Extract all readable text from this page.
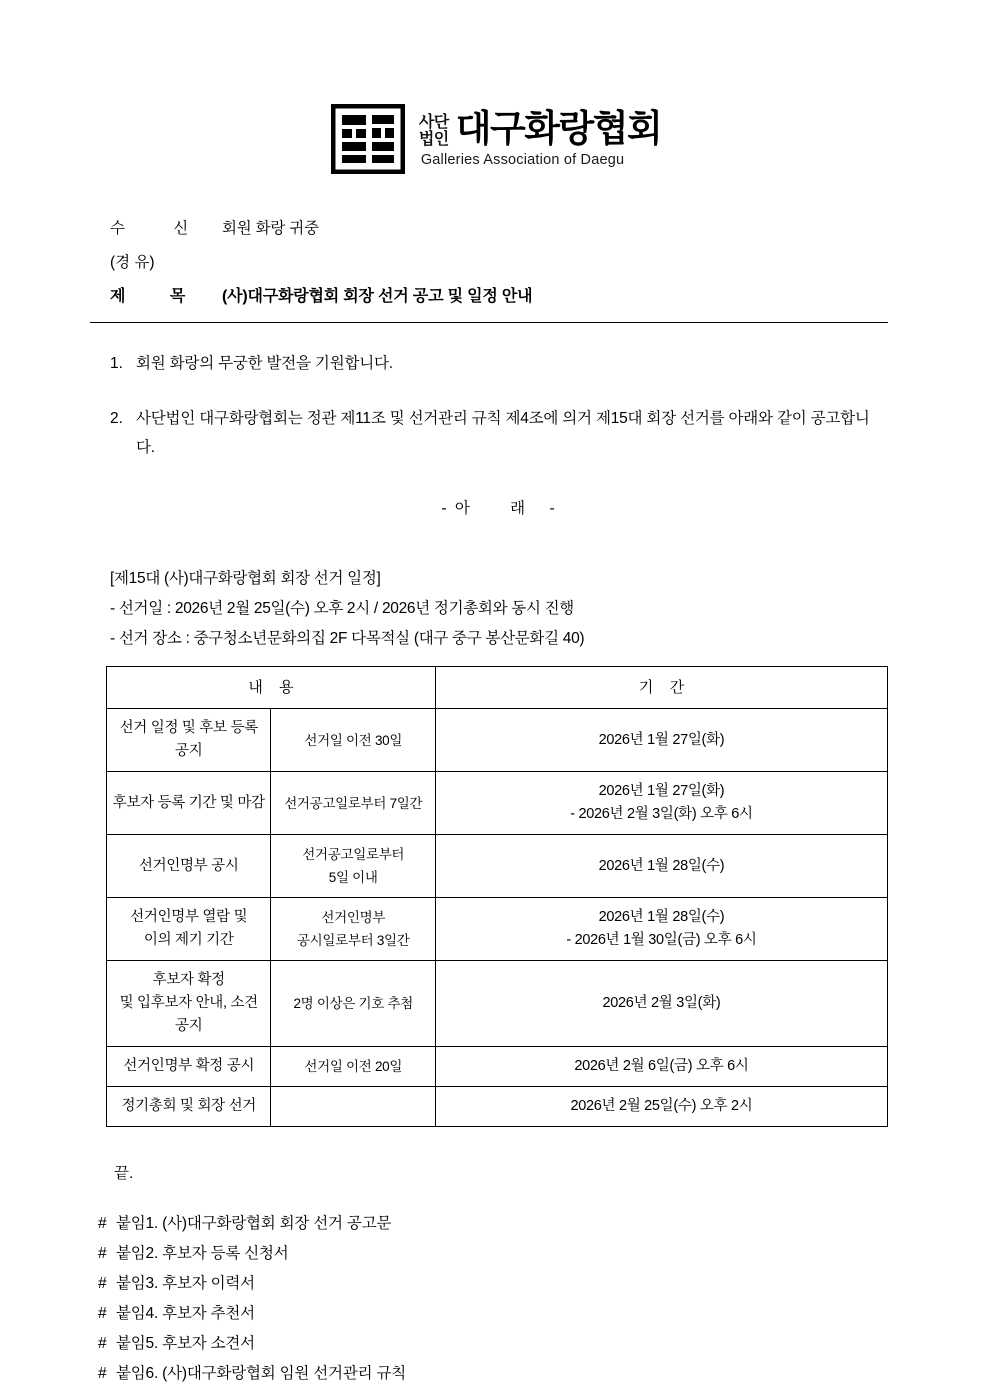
사단
법인 대구화랑협회
Galleries Association of Daegu
수 신 회원 화랑 귀중
(경 유)
제 목	(사)대구화랑협회 회장 선거 공고 및 일정 안내
1. 회원 화랑의 무궁한 발전을 기원합니다.
2. 사단법인 대구화랑협회는 정관 제11조 및 선거관리 규칙 제4조에 의거 제15대 회장 선거를 아래와 같이 공고합니다.
- 아 래 -
[제15대 (사)대구화랑협회 회장 선거 일정]
- 선거일 : 2026년 2월 25일(수) 오후 2시 / 2026년 정기총회와 동시 진행
- 선거 장소 : 중구청소년문화의집 2F 다목적실 (대구 중구 봉산문화길 40)
내 용		기 간
선거 일정 및 후보 등록 공지	선거일 이전 30일	2026년 1월 27일(화)
후보자 등록 기간 및 마감	선거공고일로부터 7일간	2026년 1월 27일(화)
- 2026년 2월 3일(화) 오후 6시
선거인명부 공시	선거공고일로부터
5일 이내	2026년 1월 28일(수)
선거인명부 열람 및
이의 제기 기간	선거인명부
공시일로부터 3일간	2026년 1월 28일(수)
- 2026년 1월 30일(금) 오후 6시
후보자 확정
및 입후보자 안내, 소견 공지	2명 이상은 기호 추첨	2026년 2월 3일(화)
선거인명부 확정 공시	선거일 이전 20일	2026년 2월 6일(금) 오후 6시
정기총회 및 회장 선거		2026년 2월 25일(수) 오후 2시
끝.
# 붙임1. (사)대구화랑협회 회장 선거 공고문
# 붙임2. 후보자 등록 신청서
# 붙임3. 후보자 이력서
# 붙임4. 후보자 추천서
# 붙임5. 후보자 소견서
# 붙임6. (사)대구화랑협회 임원 선거관리 규칙
